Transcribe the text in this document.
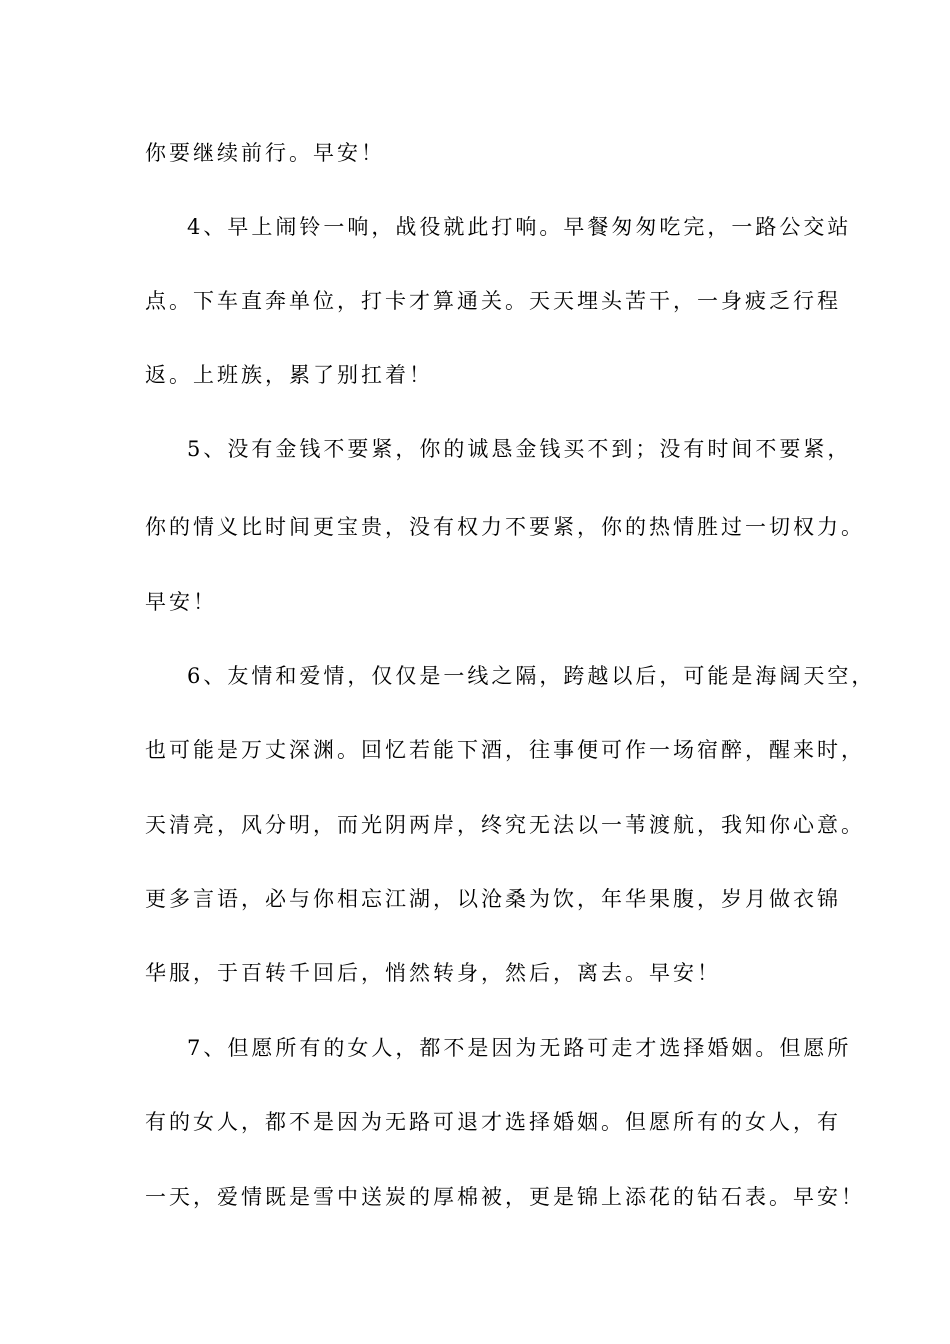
你要继续前行。早安！
4、早上闹铃一响，战役就此打响。早餐匆匆吃完，一路公交站
点。下车直奔单位，打卡才算通关。天天埋头苦干，一身疲乏行程
返。上班族，累了别扛着！
5、没有金钱不要紧，你的诚恳金钱买不到；没有时间不要紧，
你的情义比时间更宝贵，没有权力不要紧，你的热情胜过一切权力。
早安！
6、友情和爱情，仅仅是一线之隔，跨越以后，可能是海阔天空，
也可能是万丈深渊。回忆若能下酒，往事便可作一场宿醉，醒来时，
天清亮，风分明，而光阴两岸，终究无法以一苇渡航，我知你心意。
更多言语，必与你相忘江湖，以沧桑为饮，年华果腹，岁月做衣锦
华服，于百转千回后，悄然转身，然后，离去。早安！
7、但愿所有的女人，都不是因为无路可走才选择婚姻。但愿所
有的女人，都不是因为无路可退才选择婚姻。但愿所有的女人，有
一天，爱情既是雪中送炭的厚棉被，更是锦上添花的钻石表。早安！
